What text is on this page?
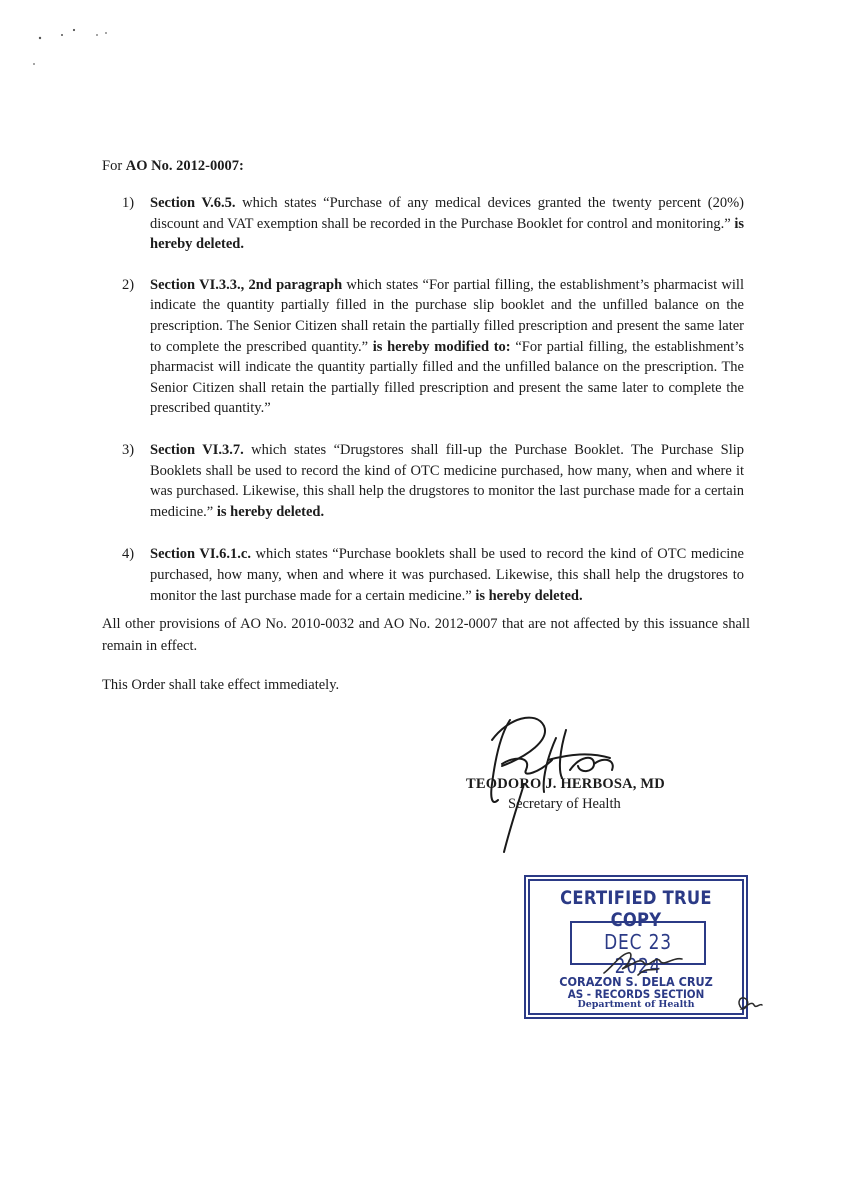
For AO No. 2012-0007:
1)	Section V.6.5. which states “Purchase of any medical devices granted the twenty percent (20%) discount and VAT exemption shall be recorded in the Purchase Booklet for control and monitoring.” is hereby deleted.
2)	Section VI.3.3., 2nd paragraph which states “For partial filling, the establishment’s pharmacist will indicate the quantity partially filled in the purchase slip booklet and the unfilled balance on the prescription. The Senior Citizen shall retain the partially filled prescription and present the same later to complete the prescribed quantity.” is hereby modified to: “For partial filling, the establishment’s pharmacist will indicate the quantity partially filled and the unfilled balance on the prescription. The Senior Citizen shall retain the partially filled prescription and present the same later to complete the prescribed quantity.”
3)	Section VI.3.7. which states “Drugstores shall fill-up the Purchase Booklet. The Purchase Slip Booklets shall be used to record the kind of OTC medicine purchased, how many, when and where it was purchased. Likewise, this shall help the drugstores to monitor the last purchase made for a certain medicine.” is hereby deleted.
4)	Section VI.6.1.c. which states “Purchase booklets shall be used to record the kind of OTC medicine purchased, how many, when and where it was purchased. Likewise, this shall help the drugstores to monitor the last purchase made for a certain medicine.” is hereby deleted.

All other provisions of AO No. 2010-0032 and AO No. 2012-0007 that are not affected by this issuance shall remain in effect.

This Order shall take effect immediately.

TEODORO J. HERBOSA, MD
Secretary of Health
CERTIFIED TRUE COPY
DEC 23 2024
CORAZON S. DELA CRUZ
AS - RECORDS SECTION
Department of Health
